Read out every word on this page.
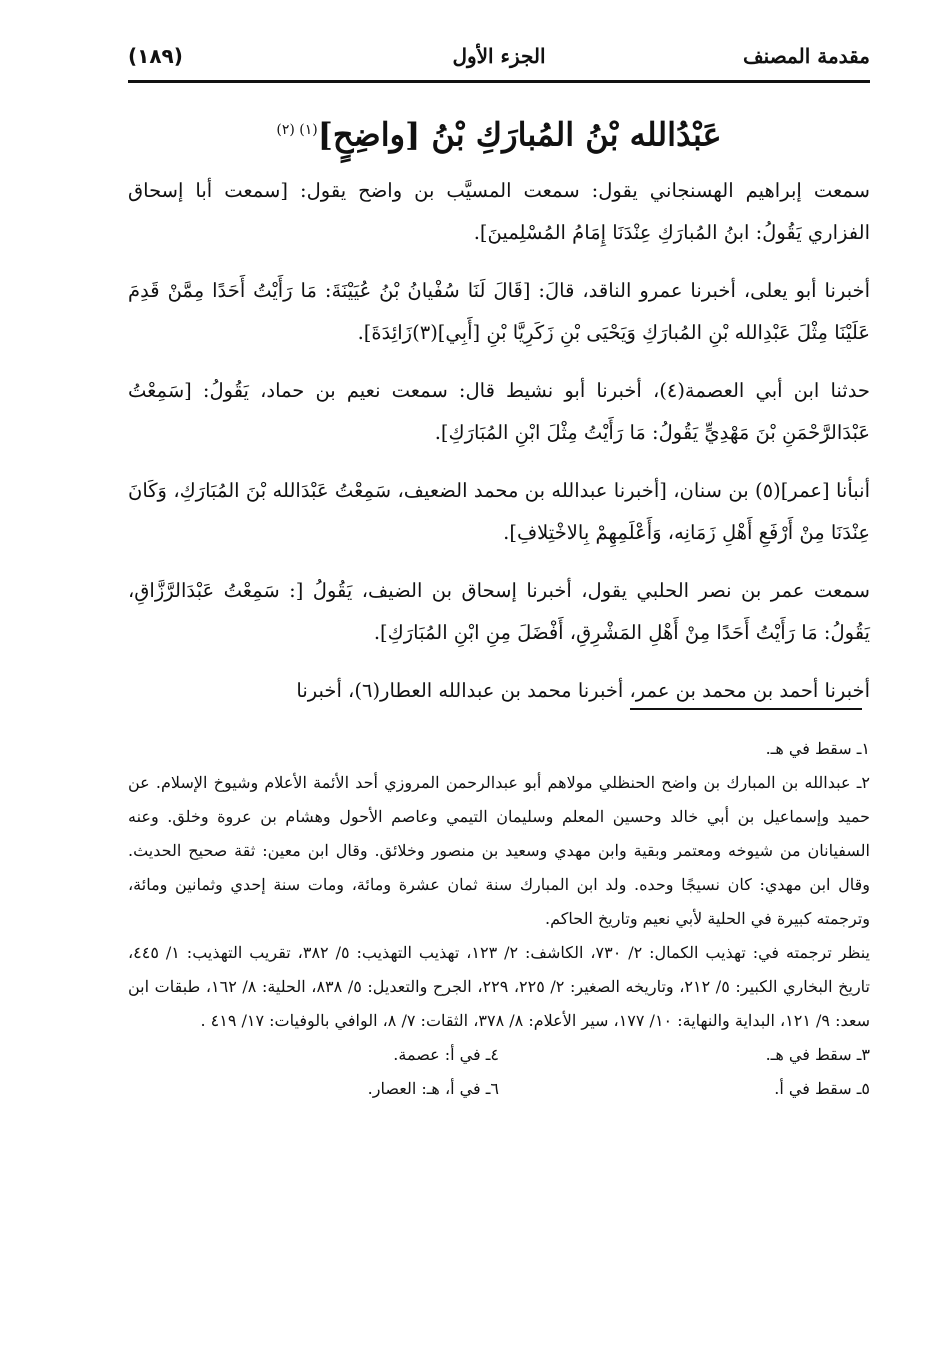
مقدمة المصنف
الجزء الأول
(١٨٩)
عَبْدُالله بْنُ المُبارَكِ بْنُ [واضِحٍ]$^{(١) (٢)}$

سمعت إبراهيم الهسنجاني يقول: سمعت المسيَّب بن واضح يقول: [سمعت أبا إسحاق الفزاري يَقُولُ: ابنُ المُبارَكِ عِنْدَنَا إِمَامُ المُسْلِمينَ].

أخبرنا أبو يعلى، أخبرنا عمرو الناقد، قالَ: [قَالَ لَنَا سُفْيانُ بْنُ عُيَيْنَةَ: مَا رَأَيْتُ أَحَدًا مِمَّنْ قَدِمَ عَلَيْنَا مِثْلَ عَبْدِالله بْنِ المُبارَكِ وَيَحْيَى بْنِ زَكَرِيَّا بْنِ [أَبِي](٣)زَائِدَةَ].

حدثنا ابن أبي العصمة(٤)، أخبرنا أبو نشيط قال: سمعت نعيم بن حماد، يَقُولُ: [سَمِعْتُ عَبْدَالرَّحْمَنِ بْنَ مَهْدِيٍّ يَقُولُ: مَا رَأَيْتُ مِثْلَ ابْنِ المُبَارَكِ].

أنبأنا [عمر](٥) بن سنان، [أخبرنا عبدالله بن محمد الضعيف، سَمِعْتُ عَبْدَالله بْنَ المُبَارَكِ، وَكَانَ عِنْدَنَا مِنْ أَرْفَعِ أَهْلِ زَمَانِه، وَأَعْلَمِهِمْ بِالاخْتِلافِ].

سمعت عمر بن نصر الحلبي يقول، أخبرنا إسحاق بن الضيف، يَقُولُ [: سَمِعْتُ عَبْدَالرَّزَّاقِ، يَقُولُ: مَا رَأَيْتُ أَحَدًا مِنْ أَهْلِ المَشْرِقِ، أَفْضَلَ مِنِ ابْنِ المُبَارَكِ].

أخبرنا أحمد بن محمد بن عمر، أخبرنا محمد بن عبدالله العطار(٦)، أخبرنا

١ـ سقط في هـ.

٢ـ عبدالله بن المبارك بن واضح الحنظلي مولاهم أبو عبدالرحمن المروزي أحد الأئمة الأعلام وشيوخ الإسلام. عن حميد وإسماعيل بن أبي خالد وحسين المعلم وسليمان التيمي وعاصم الأحول وهشام بن عروة وخلق. وعنه السفيانان من شيوخه ومعتمر وبقية وابن مهدي وسعيد بن منصور وخلائق. وقال ابن معين: ثقة صحيح الحديث. وقال ابن مهدي: كان نسيجًا وحده. ولد ابن المبارك سنة ثمان عشرة ومائة، ومات سنة إحدي وثمانين ومائة، وترجمته كبيرة في الحلية لأبي نعيم وتاريخ الحاكم.

ينظر ترجمته في: تهذيب الكمال: ٢/ ٧٣٠، الكاشف: ٢/ ١٢٣، تهذيب التهذيب: ٥/ ٣٨٢، تقريب التهذيب: ١/ ٤٤٥، تاريخ البخاري الكبير: ٥/ ٢١٢، وتاريخه الصغير: ٢/ ٢٢٥، ٢٢٩، الجرح والتعديل: ٥/ ٨٣٨، الحلية: ٨/ ١٦٢، طبقات ابن سعد: ٩/ ١٢١، البداية والنهاية: ١٠/ ١٧٧، سير الأعلام: ٨/ ٣٧٨، الثقات: ٧/ ٨، الوافي بالوفيات: ١٧/ ٤١٩ .

٣ـ سقط في هـ.
٤ـ في أ: عصمة.
٥ـ سقط في أ.
٦ـ في أ، هـ: العصار.
